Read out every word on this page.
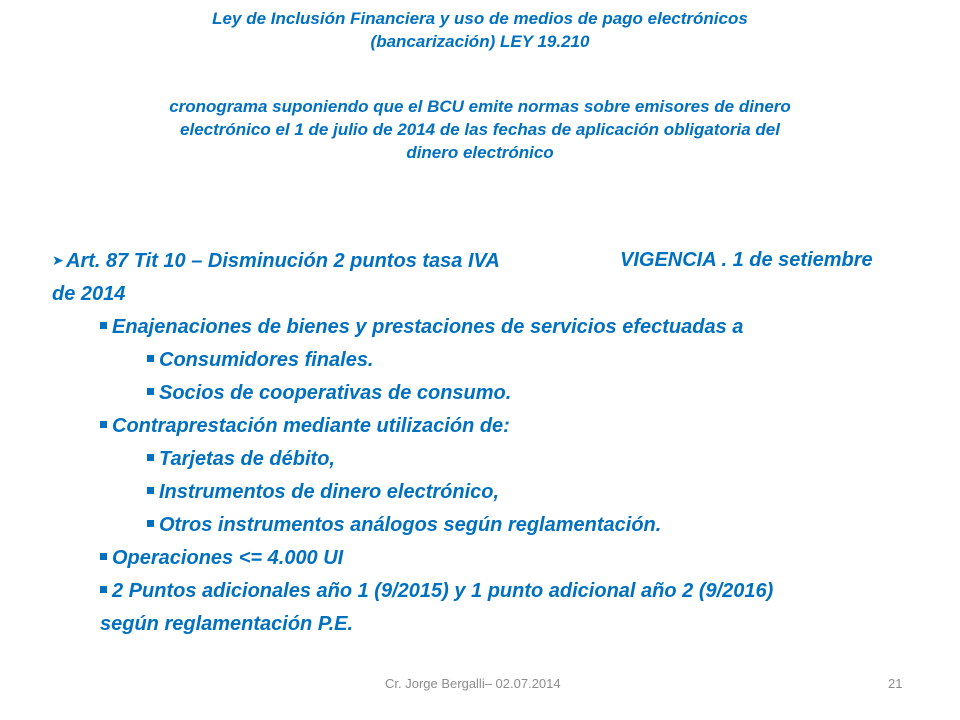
Ley de Inclusión Financiera y uso de medios de pago electrónicos
(bancarización) LEY 19.210
cronograma suponiendo que el BCU emite normas sobre emisores de dinero
electrónico el 1 de julio de 2014 de las fechas de aplicación obligatoria del
dinero electrónico
➤ Art. 87 Tit 10 – Disminución 2 puntos tasa IVA	VIGENCIA . 1 de setiembre
de 2014
Enajenaciones de bienes y prestaciones de servicios efectuadas a
Consumidores finales.
Socios de cooperativas de consumo.
Contraprestación mediante utilización de:
Tarjetas de débito,
Instrumentos de dinero electrónico,
Otros instrumentos análogos según reglamentación.
Operaciones <= 4.000 UI
2 Puntos adicionales año 1 (9/2015) y 1 punto adicional año 2 (9/2016)
según reglamentación P.E.
Cr. Jorge Bergalli– 02.07.2014	21
